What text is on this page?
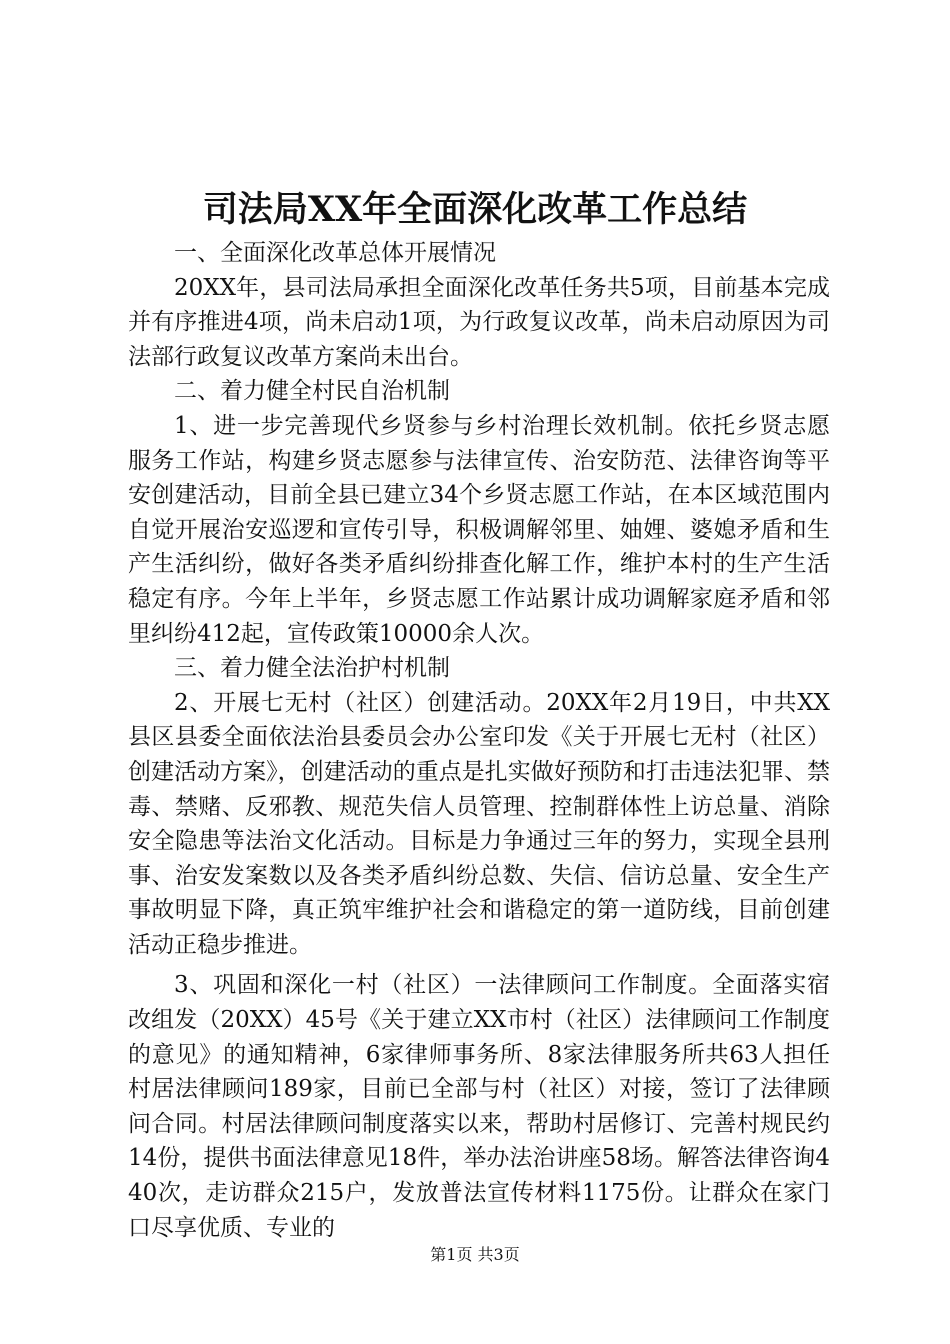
司法局XX年全面深化改革工作总结

一、全面深化改革总体开展情况

20XX年，县司法局承担全面深化改革任务共5项，目前基本完成并有序推进4项，尚未启动1项，为行政复议改革，尚未启动原因为司法部行政复议改革方案尚未出台。

二、着力健全村民自治机制

1、进一步完善现代乡贤参与乡村治理长效机制。依托乡贤志愿服务工作站，构建乡贤志愿参与法律宣传、治安防范、法律咨询等平安创建活动，目前全县已建立34个乡贤志愿工作站，在本区域范围内自觉开展治安巡逻和宣传引导，积极调解邻里、妯娌、婆媳矛盾和生产生活纠纷，做好各类矛盾纠纷排查化解工作，维护本村的生产生活稳定有序。今年上半年，乡贤志愿工作站累计成功调解家庭矛盾和邻里纠纷412起，宣传政策10000余人次。

三、着力健全法治护村机制

2、开展七无村（社区）创建活动。20XX年2月19日，中共XX县区县委全面依法治县委员会办公室印发《关于开展七无村（社区）创建活动方案》，创建活动的重点是扎实做好预防和打击违法犯罪、禁毒、禁赌、反邪教、规范失信人员管理、控制群体性上访总量、消除安全隐患等法治文化活动。目标是力争通过三年的努力，实现全县刑事、治安发案数以及各类矛盾纠纷总数、失信、信访总量、安全生产事故明显下降，真正筑牢维护社会和谐稳定的第一道防线，目前创建活动正稳步推进。

3、巩固和深化一村（社区）一法律顾问工作制度。全面落实宿改组发（20XX）45号《关于建立XX市村（社区）法律顾问工作制度的意见》的通知精神，6家律师事务所、8家法律服务所共63人担任村居法律顾问189家，目前已全部与村（社区）对接，签订了法律顾问合同。村居法律顾问制度落实以来，帮助村居修订、完善村规民约14份，提供书面法律意见18件，举办法治讲座58场。解答法律咨询440次，走访群众215户，发放普法宣传材料1175份。让群众在家门口尽享优质、专业的

第1页 共3页
